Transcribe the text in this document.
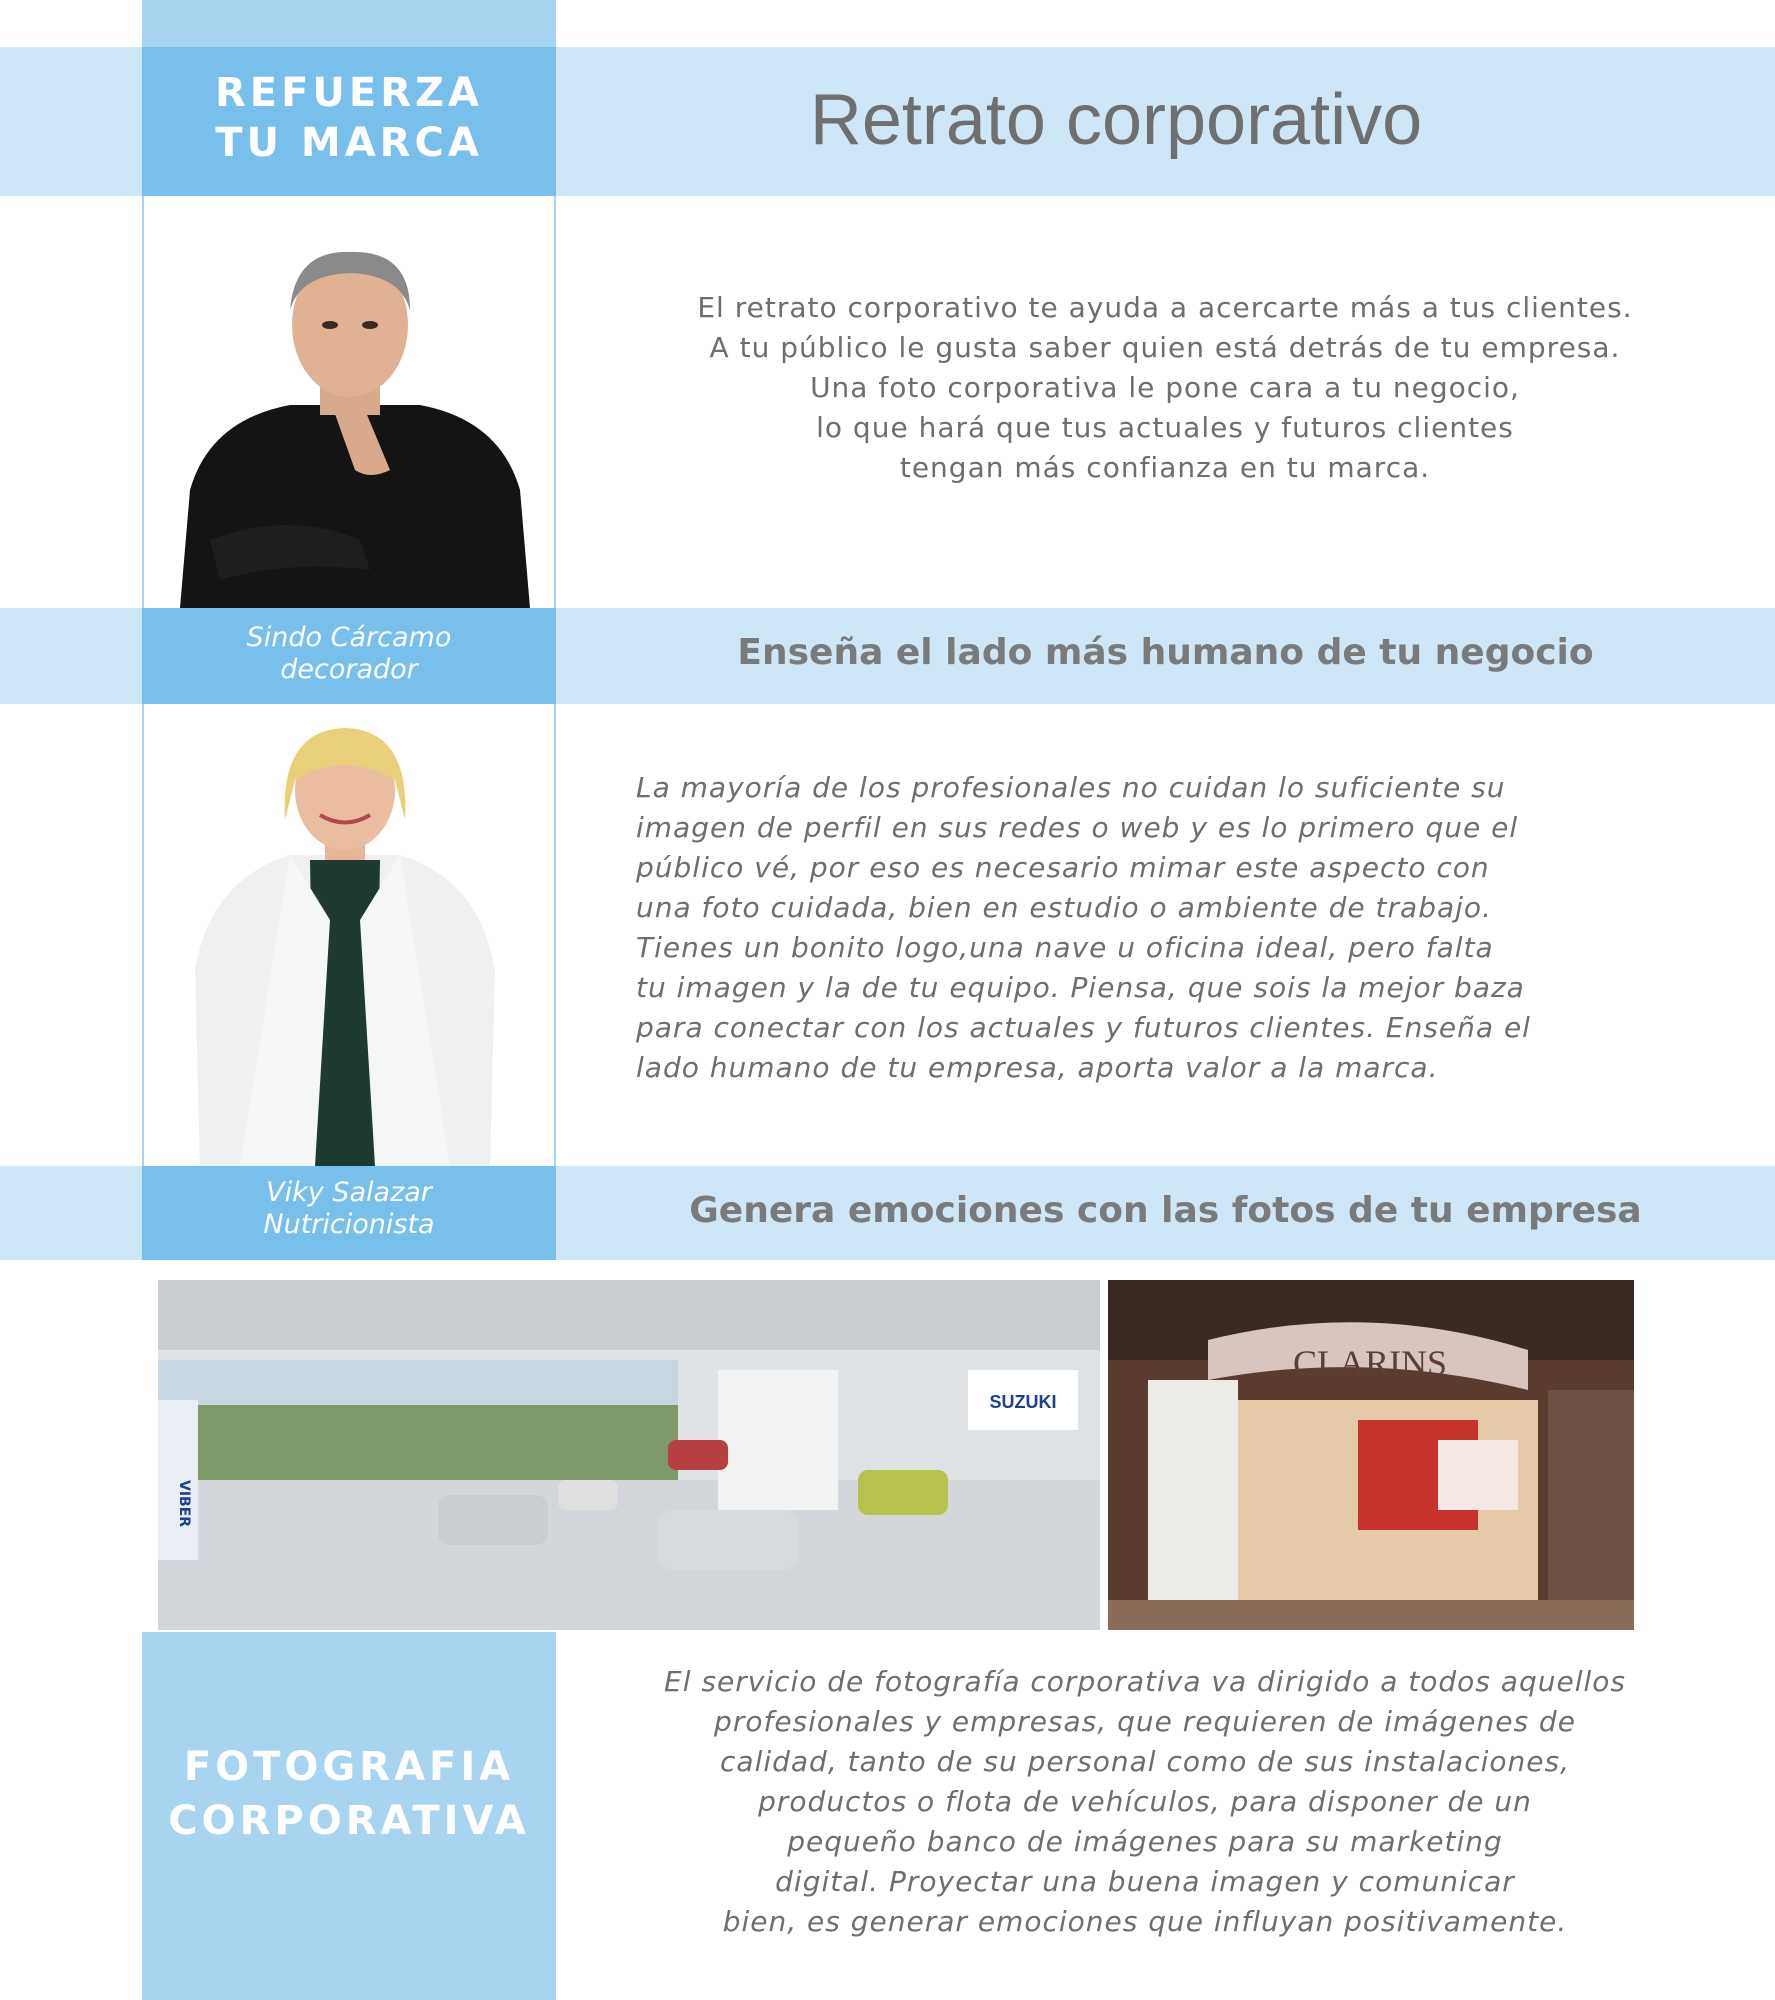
REFUERZA
TU MARCA	Retrato corporativo
Sindo Cárcamo
decorador
El retrato corporativo te ayuda a acercarte más a tus clientes.
A tu público le gusta saber quien está detrás de tu empresa.
Una foto corporativa le pone cara a tu negocio,
lo que hará que tus actuales y futuros clientes
tengan más confianza en tu marca.
Enseña el lado más humano de tu negocio
Viky Salazar
Nutricionista
La mayoría de los profesionales no cuidan lo suficiente su
imagen de perfil en sus redes o web y es lo primero que el
público vé, por eso es necesario mimar este aspecto con
una foto cuidada, bien en estudio o ambiente de trabajo.
Tienes un bonito logo,una nave u oficina ideal, pero falta
tu imagen y la de tu equipo. Piensa, que sois la mejor baza
para conectar con los actuales y futuros clientes. Enseña el
lado humano de tu empresa, aporta valor a la marca.
Genera emociones con las fotos de tu empresa
SUZUKI
VIBER
CLARINS
FOTOGRAFIA
CORPORATIVA
El servicio de fotografía corporativa va dirigido a todos aquellos
profesionales y empresas, que requieren de imágenes de
calidad, tanto de su personal como de sus instalaciones,
productos o flota de vehículos, para disponer de un
pequeño banco de imágenes para su marketing
digital. Proyectar una buena imagen y comunicar
bien, es generar emociones que influyan positivamente.
